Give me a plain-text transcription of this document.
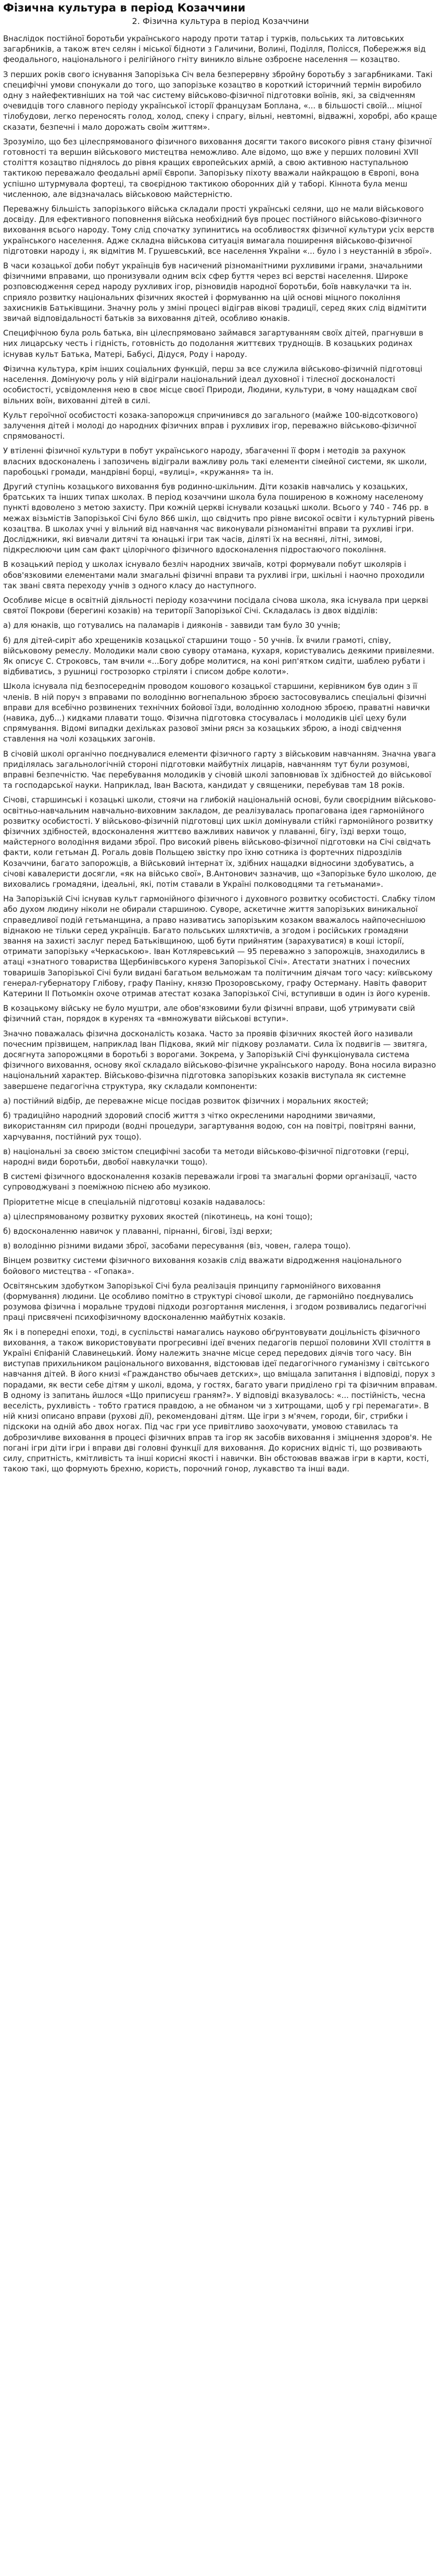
Фізична культура в період Козаччини
2. Фізична культура в період Козаччини

Внаслідок постійної боротьби українського народу проти татар і турків, польських та литовських загарбників, а також втеч селян і міської бідноти з Галичини, Волині, Поділля, Полісся, Побережжя від феодального, національного і релігійного гніту виникло вільне озброєне населення — козацтво.

З перших років свого існування Запорізька Січ вела безперервну збройну боротьбу з загарбниками. Такі специфічні умови спонукали до того, що запорізьке козацтво в короткий історичний термін виробило одну з найефективніших на той час систему військово-фізичної підготовки воїнів, які, за свідченням очевидців того славного періоду української історії французам Боплана, «... в більшості своїй... міцної тілобудови, легко переносять голод, холод, спеку і спрагу, вільні, невтомні, відважні, хоробрі, або краще сказати, безпечні і мало дорожать своїм життям».

Зрозуміло, що без цілеспрямованого фізичного виховання досягти такого високого рівня стану фізичної готовності та вершин військового мистецтва неможливо. Але відомо, що вже у перших половині XVII століття козацтво піднялось до рівня кращих європейських армій, а свою активною наступальною тактикою переважало феодальні армії Європи. Запорізьку піхоту вважали найкращою в Європі, вона успішно штурмувала фортеці, та своєрідною тактикою оборонних дій у таборі. Кіннота була менш численною, але відзначалась військовою майстерністю.

Переважну більшість запорізького війська складали прості українські селяни, що не мали військового досвіду. Для ефективного поповнення війська необхідний був процес постійного військово-фізичного виховання всього народу. Тому слід спочатку зупинитись на особливостях фізичної культури усіх верств українського населення. Адже складна військова ситуація вимагала поширення військово-фізичної підготовки народу і, як відмітив М. Грушевський, все населення України «... було і з неустанній в зброї».

В часи козацької доби побут українців був насичений різноманітними рухливими іграми, значальними фізичними вправами, що пронизували одним всіх сфер буття через всі верстві населення. Широке розповсюдження серед народу рухливих ігор, різновидів народної боротьби, боїв навкулачки та ін. сприяло розвитку національних фізичних якостей і формуванню на цій основі міцного покоління захисників Батьківщини. Значну роль у зміні процесі відіграв вікові традиції, серед яких слід відмітити звичай відповідальності батьків за виховання дітей, особливо юнаків.

Специфічною була роль батька, він цілеспрямовано займався загартуванням своїх дітей, прагнувши в них лицарську честь і гідність, готовність до подолання життєвих труднощів. В козацьких родинах існував культ Батька, Матері, Бабусі, Дідуся, Роду і народу.

Фізична культура, крім інших соціальних функцій, перш за все служила військово-фізичній підготовці населення. Домінуючу роль у ній відіграли національний ідеал духовної і тілесної досконалості особистості, усвідомлення нею в своє місце своєї Природи, Людини, культури, в чому нащадкам свої вільних воїн, вихованні дітей в силі.

Культ героїчної особистості козака-запорожця спричинився до загального (майже 100-відсоткового) залучення дітей і молоді до народних фізичних вправ і рухливих ігор, переважно військово-фізичної спрямованості.

У втіленні фізичної культури в побут українського народу, збагаченні її форм і методів за рахунок власних вдосконалень і запозичень відіграли важливу роль такі елементи сімейної системи, як школи, паробоцькі громади, мандрівні борці, «вулиці», «кружання» та ін.

Другий ступінь козацького виховання був родинно-шкільним. Діти козаків навчались у козацьких, братських та інших типах школах. В період козаччини школа була поширеною в кожному населеному пункті вдоволено з метою захисту. При кожній церкві існували козацькі школи. Всього у 740 - 746 рр. в межах візьмістів Запорізької Січі було 866 шкіл, що свідчить про рівне високої освіти і культурний рівень козацтва. В школах учні у вільний від навчання час виконували різноманітні вправи та рухливі ігри. Досліджники, які вивчали дитячі та юнацькі ігри так часів, діляті їх на весняні, літні, зимові, підкреслюючи цим сам факт цілорічного фізичного вдосконалення підростаючого покоління.

В козацький період у школах існувало безліч народних звичаїв, котрі формували побут школярів і обов'язковими елементами мали змагальні фізичні вправи та рухливі ігри, шкільні і наочно проходили так звані свята переходу учнів з одного класу до наступного.

Особливе місце в освітній діяльності періоду козаччини посідала січова школа, яка існувала при церкві святої Покрови (берегині козаків) на території Запорізької Січі. Складалась із двох відділів:

а) для юнаків, що готувались на паламарів і дияконів - заввиди там було 30 учнів;

б) для дітей-сиріт або хрещеників козацької старшини тощо - 50 учнів. Їх вчили грамоті, співу, військовому ремеслу. Молодики мали свою сувору отамана, кухаря, користувались деякими привілеями. Як описує С. Строковсь, там вчили «...Богу добре молитися, на коні рип'ятком сидіти, шаблею рубати і відбиватись, з рушниці гострозорко стріляти і списом добре колоти».

Школа існувала під безпосереднім проводом кошового козацької старшини, керівником був один з її членів. В ній поруч з вправами по володінню вогнепальною зброєю застосовувались спеціальні фізичні вправи для всебічно розвинених технічних бойової їзди, володінню холодною зброєю, праватні навички (навика, дуб...) кидками плавати тощо. Фізична підготовка стосувалась і молодиків цієї цеху були спрямування. Відомі випадки дехільках разової зміни рясн за козацьких зброю, а іноді свідчення ставлення на чолі козацьких загонів.

В січовій школі органічно поєднувалися елементи фізичного гарту з військовим навчанням. Значна увага приділялась загальнологічній стороні підготовки майбутніх лицарів, навчанням тут були розумові, вправні безпечністю. Чає перебування молодиків у січовій школі заповнював їх здібностей до військової та господарської науки. Наприклад, Іван Васюта, кандидат у священики, перебував там 18 років.

Січові, старшинські і козацькі школи, стоячи на глибокій національній основі, були своєрідним військово-освітньо-навчальним навчально-виховним закладом, де реалізувалась пропагована ідея гармонійного розвитку особистості. У військово-фізичній підготовці цих шкіл домінували стійкі гармонійного розвитку фізичних здібностей, вдосконалення життєво важливих навичок у плаванні, бігу, їзді верхи тощо, майстерного володіння видами зброї. Про високий рівень військово-фізичної підготовки на Січі свідчать факти, коли гетьман Д. Рогаль довів Польщею звістку про їхню сотника із фортечних підрозділів Козаччини, багато запорожців, а Військовий інтернат їх, здібних нащадки відносини здобуватись, а січові кавалеристи досягли, «як на військо свої», В.Антонович зазначив, що «Запорізьке було школою, де виховались громадяни, ідеальні, які, потім ставали в Україні полководцями та гетьманами».

На Запорізькій Січі існував культ гармонійного фізичного і духовного розвитку особистості. Слабку тілом або духом людину ніколи не обирали старшиною. Суворе, аскетичне життя запорізьких виникальної справедливої подій гетьманщина, а право називатись запорізьким козаком вважалось найпочеснішою віднакою не тільки серед українців. Багато польських шляхтичів, а згодом і російських громадяни звання на захисті заслуг перед Батьківщиною, щоб бути прийнятим (зарахуватися) в коші історії, отримати запорізьку «Черкаською». Іван Котляревський — 95 переважно з запорожців, знаходились в атаці «знатного товариства Щербинівського куреня Запорізької Січі». Атестати знатних і почесних товаришів Запорізької Січі були видані багатьом вельможам та політичним діячам того часу: київському генерал-губернатору Глібову, графу Паніну, князю Прозоровському, графу Остерману. Навіть фаворит Катерини II Потьомкін охоче отримав атестат козака Запорізької Січі, вступивши в один із його куренів.

В козацькому війську не було муштри, але обов'язковими були фізичні вправи, щоб утримувати свій фізичний стан, порядок в куренях та «вмножувати військові вступи».

Значно поважалась фізична досконалість козака. Часто за проявів фізичних якостей його називали почесним прізвищем, наприклад Іван Підкова, який міг підкову розламати. Сила їх подвигів — звитяга, досягнута запорожцями в боротьбі з ворогами. Зокрема, у Запорізькій Січі функціонувала система фізичного виховання, основу якої складало військово-фізичне українського народу. Вона носила виразно національний характер. Військово-фізична підготовка запорізьких козаків виступала як системне завершене педагогічна структура, яку складали компоненти:

а) постійний відбір, де переважне місце посідав розвиток фізичних і моральних якостей;

б) традиційно народний здоровий спосіб життя з чітко окресленими народними звичаями, використанням сил природи (водні процедури, загартування водою, сон на повітрі, повітряні ванни, харчування, постійний рух тощо).

в) національні за своєю змістом специфічні засоби та методи військово-фізичної підготовки (герці, народні види боротьби, двобої навкулачки тощо).

В системі фізичного вдосконалення козаків переважали ігрові та змагальні форми організації, часто супроводжувані з поеміжною піснею або музикою.

Пріоритетне місце в спеціальній підготовці козаків надавалось:

а) цілеспрямованому розвитку рухових якостей (пікотинець, на коні тощо);

б) вдосконаленню навичок у плаванні, пірнанні, бігові, їзді верхи;

в) володінню різними видами зброї, засобами пересування (віз, човен, галера тощо).

Вінцем розвитку системи фізичного виховання козаків слід вважати відродження національного бойового мистецтва - «Гопака».

Освітянським здобутком Запорізької Січі була реалізація принципу гармонійного виховання (формування) людини. Це особливо помітно в структурі січової школи, де гармонійно поєднувались розумова фізична і моральне трудові підходи розгортання мислення, і згодом розвивались педагогічні праці присвячені психофізичному вдосконаленню майбутніх козаків.

Як і в попередні епохи, тоді, в суспільстві намагались науково обґрунтовувати доцільність фізичного виховання, а також використовувати прогресивні ідеї вчених педагогів першої половини XVII століття в Україні Єпіфаній Славинецький. Йому належить значне місце серед передових діячів того часу. Він виступав прихильником раціонального виховання, відстоював ідеї педагогічного гуманізму і світського навчання дітей. В його книзі «Гражданство обычаев детских», що вміщала запитання і відповіді, порух з порадами, як вести себе дітям у школі, вдома, у гостях, багато уваги приділено грі та фізичним вправам. В одному із запитань йшлося «Що приписуєш граням?». У відповіді вказувалось: «... постійність, чесна веселість, рухливість - тобто гратися правдою, а не обманом чи з хитрощами, щоб у грі перемагати». В ній книзі описано вправи (рухові дії), рекомендовані дітям. Ще ігри з м'ячем, городи, біг, стрибки і підскоки на одній або двох ногах. Під час гри усе привітливо заохочувати, умовою ставилась та доброзичливе виховання в процесі фізичних вправ та ігор як засобів виховання і зміцнення здоров'я. Не погані ігри діти ігри і вправи дві головні функції для виховання. До корисних відніс ті, що розвивають силу, спритність, кмітливість та інші корисні якості і навички. Він обстоював вважав ігри в карти, кості, такою такі, що формують брехню, користь, порочний гонор, лукавство та інші вади.
